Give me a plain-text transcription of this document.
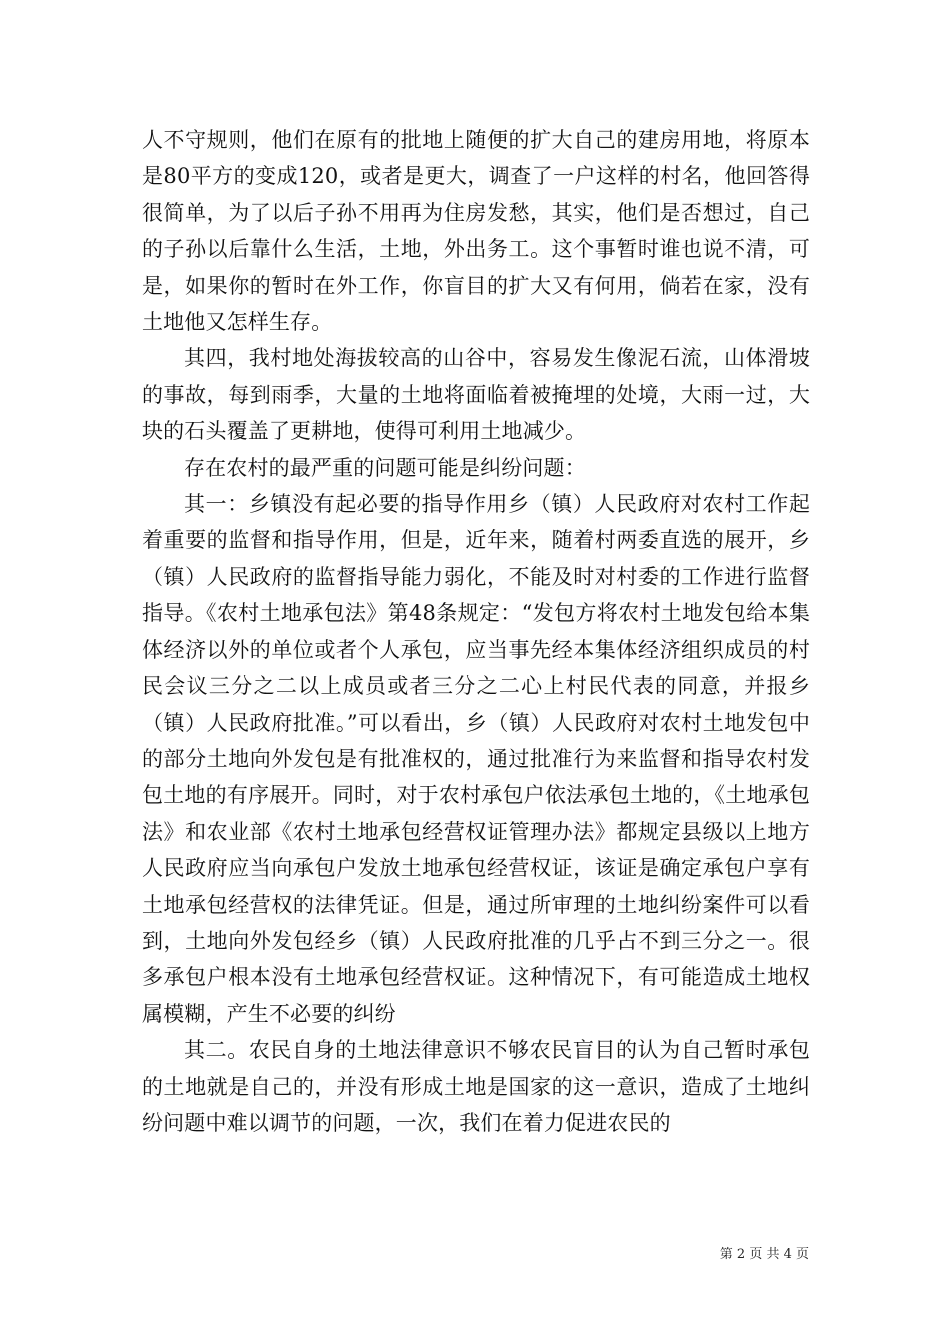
人不守规则，他们在原有的批地上随便的扩大自己的建房用地，将原本是80平方的变成120，或者是更大，调查了一户这样的村名，他回答得很简单，为了以后子孙不用再为住房发愁，其实，他们是否想过，自己的子孙以后靠什么生活，土地，外出务工。这个事暂时谁也说不清，可是，如果你的暂时在外工作，你盲目的扩大又有何用，倘若在家，没有土地他又怎样生存。

其四，我村地处海拔较高的山谷中，容易发生像泥石流，山体滑坡的事故，每到雨季，大量的土地将面临着被掩埋的处境，大雨一过，大块的石头覆盖了更耕地，使得可利用土地减少。

存在农村的最严重的问题可能是纠纷问题：

其一：乡镇没有起必要的指导作用乡（镇）人民政府对农村工作起着重要的监督和指导作用，但是，近年来，随着村两委直选的展开，乡（镇）人民政府的监督指导能力弱化，不能及时对村委的工作进行监督指导。《农村土地承包法》第48条规定：“发包方将农村土地发包给本集体经济以外的单位或者个人承包，应当事先经本集体经济组织成员的村民会议三分之二以上成员或者三分之二心上村民代表的同意，并报乡（镇）人民政府批准。”可以看出，乡（镇）人民政府对农村土地发包中的部分土地向外发包是有批准权的，通过批准行为来监督和指导农村发包土地的有序展开。同时，对于农村承包户依法承包土地的，《土地承包法》和农业部《农村土地承包经营权证管理办法》都规定县级以上地方人民政府应当向承包户发放土地承包经营权证，该证是确定承包户享有土地承包经营权的法律凭证。但是，通过所审理的土地纠纷案件可以看到，土地向外发包经乡（镇）人民政府批准的几乎占不到三分之一。很多承包户根本没有土地承包经营权证。这种情况下，有可能造成土地权属模糊，产生不必要的纠纷

其二。农民自身的土地法律意识不够农民盲目的认为自己暂时承包的土地就是自己的，并没有形成土地是国家的这一意识，造成了土地纠纷问题中难以调节的问题，一次，我们在着力促进农民的

第 2 页 共 4 页
